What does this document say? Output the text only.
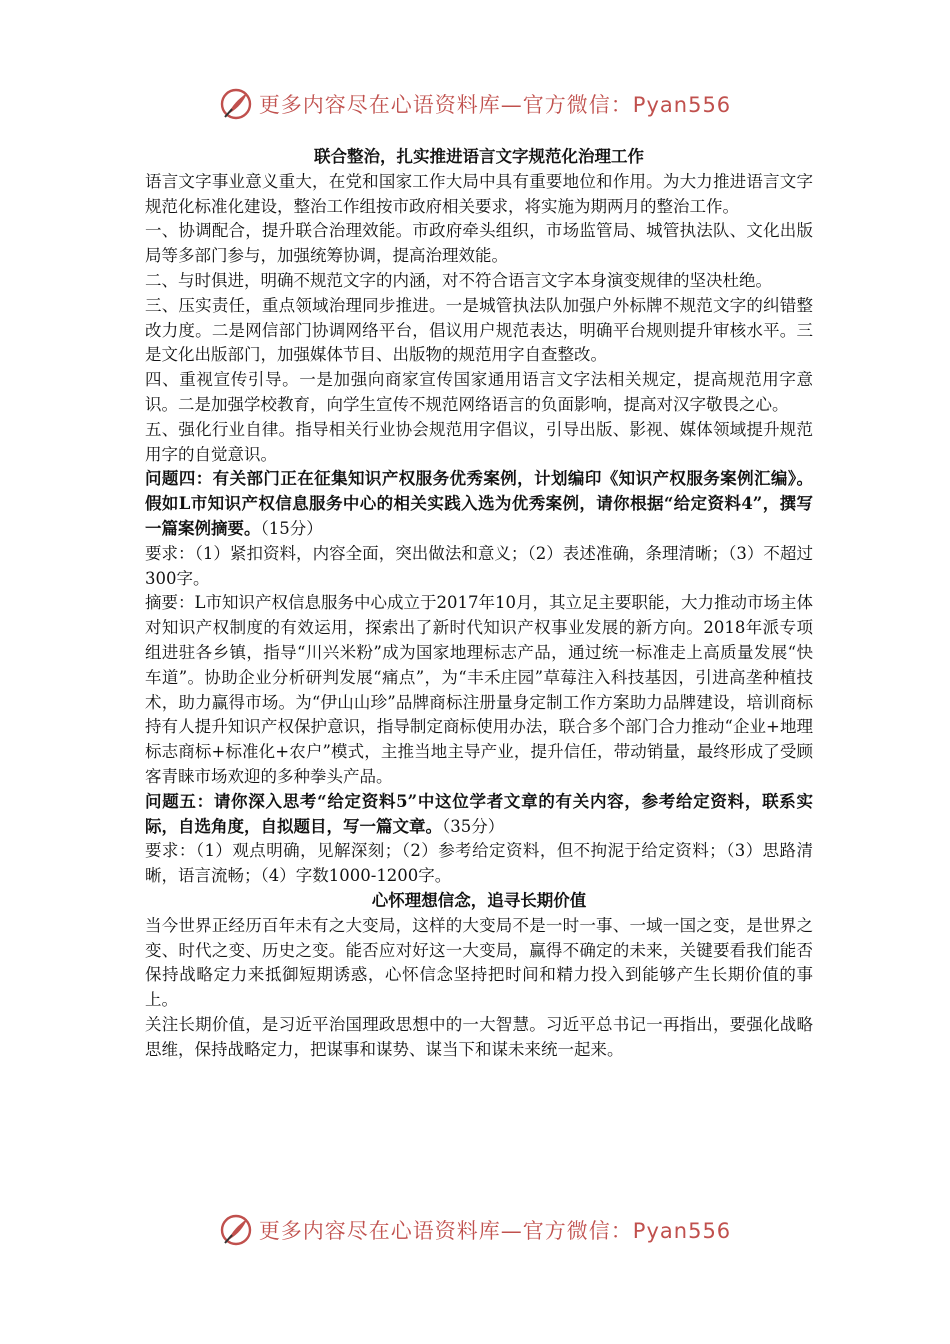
更多内容尽在心语资料库—官方微信：Pyan556

联合整治，扎实推进语言文字规范化治理工作

语言文字事业意义重大，在党和国家工作大局中具有重要地位和作用。为大力推进语言文字规范化标准化建设，整治工作组按市政府相关要求，将实施为期两月的整治工作。

一、协调配合，提升联合治理效能。市政府牵头组织，市场监管局、城管执法队、文化出版局等多部门参与，加强统筹协调，提高治理效能。

二、与时俱进，明确不规范文字的内涵，对不符合语言文字本身演变规律的坚决杜绝。

三、压实责任，重点领域治理同步推进。一是城管执法队加强户外标牌不规范文字的纠错整改力度。二是网信部门协调网络平台，倡议用户规范表达，明确平台规则提升审核水平。三是文化出版部门，加强媒体节目、出版物的规范用字自查整改。

四、重视宣传引导。一是加强向商家宣传国家通用语言文字法相关规定，提高规范用字意识。二是加强学校教育，向学生宣传不规范网络语言的负面影响，提高对汉字敬畏之心。

五、强化行业自律。指导相关行业协会规范用字倡议，引导出版、影视、媒体领域提升规范用字的自觉意识。

问题四：有关部门正在征集知识产权服务优秀案例，计划编印《知识产权服务案例汇编》。假如L市知识产权信息服务中心的相关实践入选为优秀案例，请你根据“给定资料4”，撰写一篇案例摘要。（15分）

要求：（1）紧扣资料，内容全面，突出做法和意义；（2）表述准确，条理清晰；（3）不超过300字。

摘要：L市知识产权信息服务中心成立于2017年10月，其立足主要职能，大力推动市场主体对知识产权制度的有效运用，探索出了新时代知识产权事业发展的新方向。2018年派专项组进驻各乡镇，指导“川兴米粉”成为国家地理标志产品，通过统一标准走上高质量发展“快车道”。协助企业分析研判发展“痛点”，为“丰禾庄园”草莓注入科技基因，引进高垄种植技术，助力赢得市场。为“伊山山珍”品牌商标注册量身定制工作方案助力品牌建设，培训商标持有人提升知识产权保护意识，指导制定商标使用办法，联合多个部门合力推动“企业+地理标志商标+标准化+农户”模式，主推当地主导产业，提升信任，带动销量，最终形成了受顾客青睐市场欢迎的多种拳头产品。

问题五：请你深入思考“给定资料5”中这位学者文章的有关内容，参考给定资料，联系实际，自选角度，自拟题目，写一篇文章。（35分）

要求：（1）观点明确，见解深刻；（2）参考给定资料，但不拘泥于给定资料；（3）思路清晰，语言流畅；（4）字数1000-1200字。

心怀理想信念，追寻长期价值

当今世界正经历百年未有之大变局，这样的大变局不是一时一事、一域一国之变，是世界之变、时代之变、历史之变。能否应对好这一大变局，赢得不确定的未来，关键要看我们能否保持战略定力来抵御短期诱惑，心怀信念坚持把时间和精力投入到能够产生长期价值的事上。

关注长期价值，是习近平治国理政思想中的一大智慧。习近平总书记一再指出，要强化战略思维，保持战略定力，把谋事和谋势、谋当下和谋未来统一起来。

更多内容尽在心语资料库—官方微信：Pyan556
